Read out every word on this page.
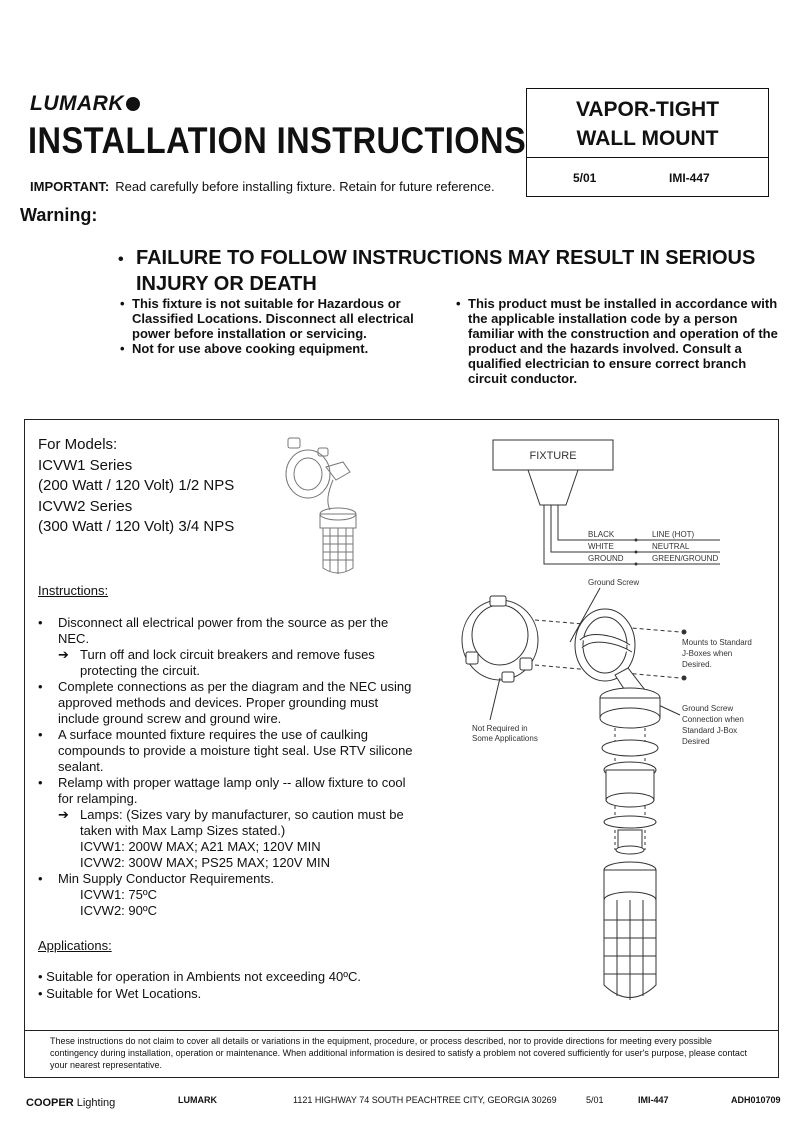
LUMARK
INSTALLATION INSTRUCTIONS
IMPORTANT: Read carefully before installing fixture. Retain for future reference.
VAPOR-TIGHT
WALL MOUNT
5/01	IMI-447
Warning:
• FAILURE TO FOLLOW INSTRUCTIONS MAY RESULT IN SERIOUS INJURY OR DEATH
• This fixture is not suitable for Hazardous or Classified Locations. Disconnect all electrical power before installation or servicing.
• Not for use above cooking equipment.
• This product must be installed in accordance with the applicable installation code by a person familiar with the construction and operation of the product and the hazards involved. Consult a qualified electrician to ensure correct branch circuit conductor.
For Models:
ICVW1 Series
(200 Watt / 120 Volt) 1/2 NPS
ICVW2 Series
(300 Watt / 120 Volt) 3/4 NPS
Instructions:
• Disconnect all electrical power from the source as per the NEC.
➔ Turn off and lock circuit breakers and remove fuses protecting the circuit.
• Complete connections as per the diagram and the NEC using approved methods and devices. Proper grounding must include ground screw and ground wire.
• A surface mounted fixture requires the use of caulking compounds to provide a moisture tight seal. Use RTV silicone sealant.
• Relamp with proper wattage lamp only -- allow fixture to cool for relamping.
➔ Lamps: (Sizes vary by manufacturer, so caution must be taken with Max Lamp Sizes stated.)
ICVW1: 200W MAX; A21 MAX; 120V MIN
ICVW2: 300W MAX; PS25 MAX; 120V MIN
• Min Supply Conductor Requirements.
ICVW1: 75ºC
ICVW2: 90ºC
Applications:
• Suitable for operation in Ambients not exceeding 40ºC.
• Suitable for Wet Locations.
FIXTURE
BLACK
WHITE
GROUND
LINE (HOT)
NEUTRAL
GREEN/GROUND
Ground Screw
Not Required in
Some Applications
Mounts to Standard
J-Boxes when
Desired.
Ground Screw
Connection when
Standard J-Box
Desired
These instructions do not claim to cover all details or variations in the equipment, procedure, or process described, nor to provide directions for meeting every possible contingency during installation, operation or maintenance. When additional information is desired to satisfy a problem not covered sufficiently for user's purpose, please contact your nearest representative.
COOPER Lighting	LUMARK	1121 HIGHWAY 74 SOUTH PEACHTREE CITY, GEORGIA 30269	5/01	IMI-447	ADH010709
